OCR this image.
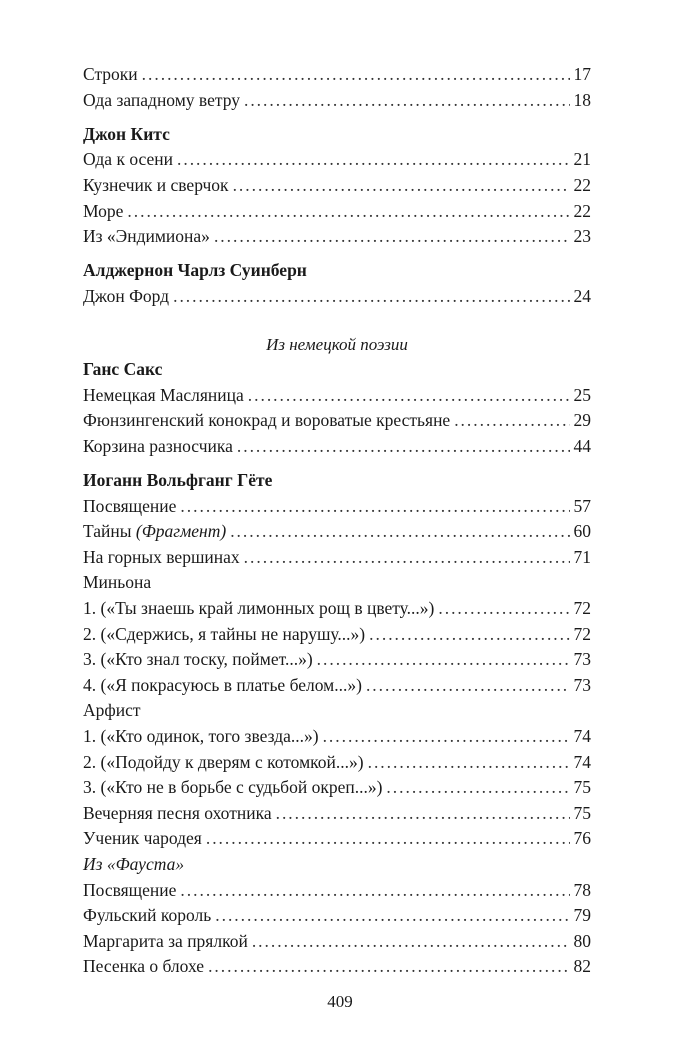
Строки . . .	17
Ода западному ветру . . .	18
Джон Китс
Ода к осени . . .	21
Кузнечик и сверчок . . .	22
Море . . .	22
Из «Эндимиона» . . .	23
Алджернон Чарлз Суинберн
Джон Форд . . .	24
Из немецкой поэзии
Ганс Сакс
Немецкая Масляница . . .	25
Фюнзингенский конокрад и вороватые крестьяне . . .	29
Корзина разносчика . . .	44
Иоганн Вольфганг Гёте
Посвящение . . .	57
Тайны (Фрагмент) . . .	60
На горных вершинах . . .	71
Миньона
1. («Ты знаешь край лимонных рощ в цвету...») . . .	72
2. («Сдержись, я тайны не нарушу...») . . .	72
3. («Кто знал тоску, поймет...») . . .	73
4. («Я покрасуюсь в платье белом...») . . .	73
Арфист
1. («Кто одинок, того звезда...») . . .	74
2. («Подойду к дверям с котомкой...») . . .	74
3. («Кто не в борьбе с судьбой окреп...») . . .	75
Вечерняя песня охотника . . .	75
Ученик чародея . . .	76
Из «Фауста»
Посвящение . . .	78
Фульский король . . .	79
Маргарита за прялкой . . .	80
Песенка о блохе . . .	82
409
